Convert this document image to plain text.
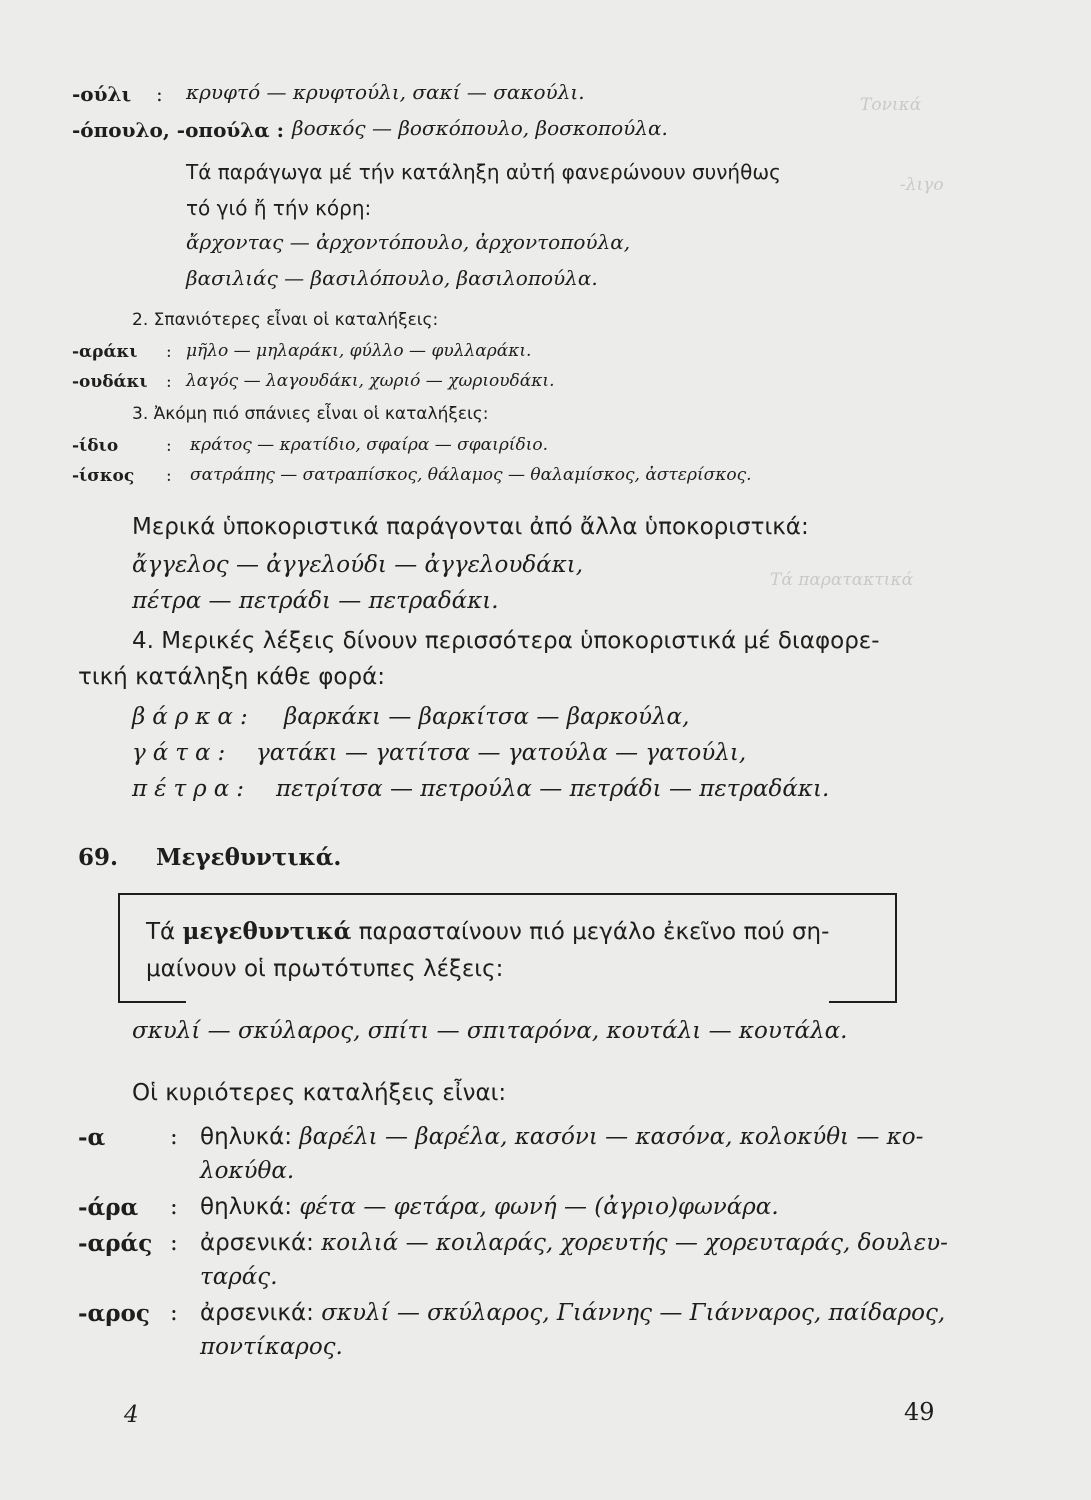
Τονικά
-λιγο
Τά παρατακτικά
-ούλι : κρυφτό — κρυφτούλι, σακί — σακούλι.
-όπουλο, -οπούλα : βοσκός — βοσκόπουλο, βοσκοπούλα.
Τά παράγωγα μέ τήν κατάληξη αὐτή φανερώνουν συνήθως
τό γιό ἤ τήν κόρη:
ἄρχοντας — ἀρχοντόπουλο, ἀρχοντοπούλα,
βασιλιάς — βασιλόπουλο, βασιλοπούλα.
2. Σπανιότερες εἶναι οἱ καταλήξεις:
-αράκι : μῆλο — μηλαράκι, φύλλο — φυλλαράκι.
-ουδάκι : λαγός — λαγουδάκι, χωριό — χωριουδάκι.
3. Ἀκόμη πιό σπάνιες εἶναι οἱ καταλήξεις:
-ίδιο	: κράτος — κρατίδιο, σφαίρα — σφαιρίδιο.
-ίσκος : σατράπης — σατραπίσκος, θάλαμος — θαλαμίσκος, ἀστερίσκος.
Μερικά ὑποκοριστικά παράγονται ἀπό ἄλλα ὑποκοριστικά:
ἄγγελος — ἀγγελούδι — ἀγγελουδάκι,
πέτρα — πετράδι — πετραδάκι.
4. Μερικές λέξεις δίνουν περισσότερα ὑποκοριστικά μέ διαφορε-
τική κατάληξη κάθε φορά:
βάρκα: βαρκάκι — βαρκίτσα — βαρκούλα,
γάτα: γατάκι — γατίτσα — γατούλα — γατούλι,
πέτρα: πετρίτσα — πετρούλα — πετράδι — πετραδάκι.
69. Μεγεθυντικά.
Τά μεγεθυντικά παρασταίνουν πιό μεγάλο ἐκεῖνο πού ση-
μαίνουν οἱ πρωτότυπες λέξεις:
σκυλί — σκύλαρος, σπίτι — σπιταρόνα, κουτάλι — κουτάλα.
Οἱ κυριότερες καταλήξεις εἶναι:
-α	: θηλυκά: βαρέλι — βαρέλα, κασόνι — κασόνα, κολοκύθι — κο-
λοκύθα.
-άρα : θηλυκά: φέτα — φετάρα, φωνή — (ἀγριο)φωνάρα.
-αράς : ἀρσενικά: κοιλιά — κοιλαράς, χορευτής — χορευταράς, δουλευ-
ταράς.
-αρος : ἀρσενικά: σκυλί — σκύλαρος, Γιάννης — Γιάνναρος, παίδαρος,
ποντίκαρος.
4	49
